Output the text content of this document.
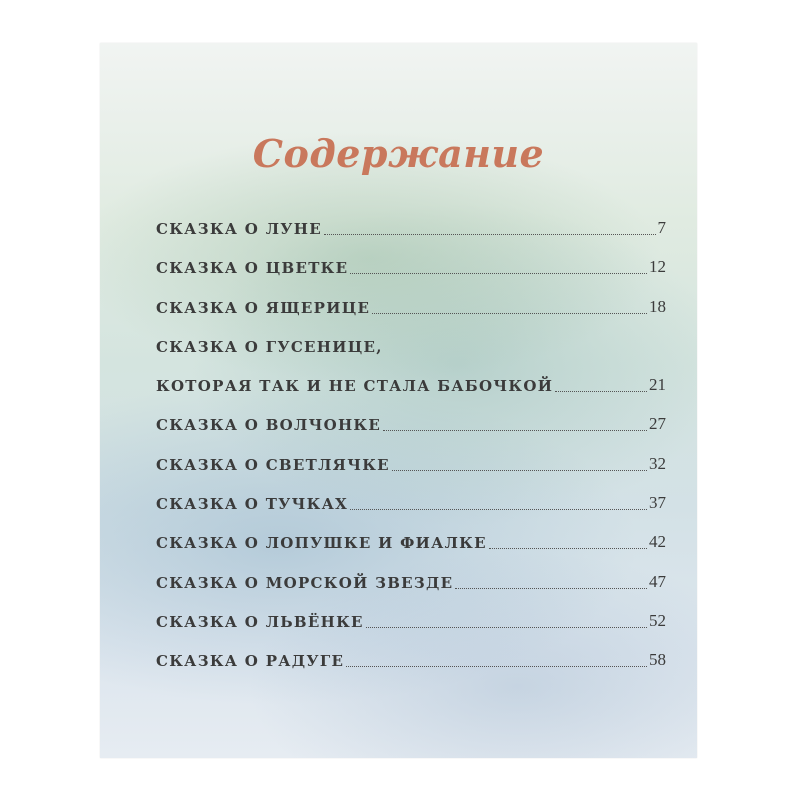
Содержание
СКАЗКА О ЛУНЕ	7
СКАЗКА О ЦВЕТКЕ	12
СКАЗКА О ЯЩЕРИЦЕ	18
СКАЗКА О ГУСЕНИЦЕ,
КОТОРАЯ ТАК И НЕ СТАЛА БАБОЧКОЙ	21
СКАЗКА О ВОЛЧОНКЕ	27
СКАЗКА О СВЕТЛЯЧКЕ	32
СКАЗКА О ТУЧКАХ	37
СКАЗКА О ЛОПУШКЕ И ФИАЛКЕ	42
СКАЗКА О МОРСКОЙ ЗВЕЗДЕ	47
СКАЗКА О ЛЬВЁНКЕ	52
СКАЗКА О РАДУГЕ	58
